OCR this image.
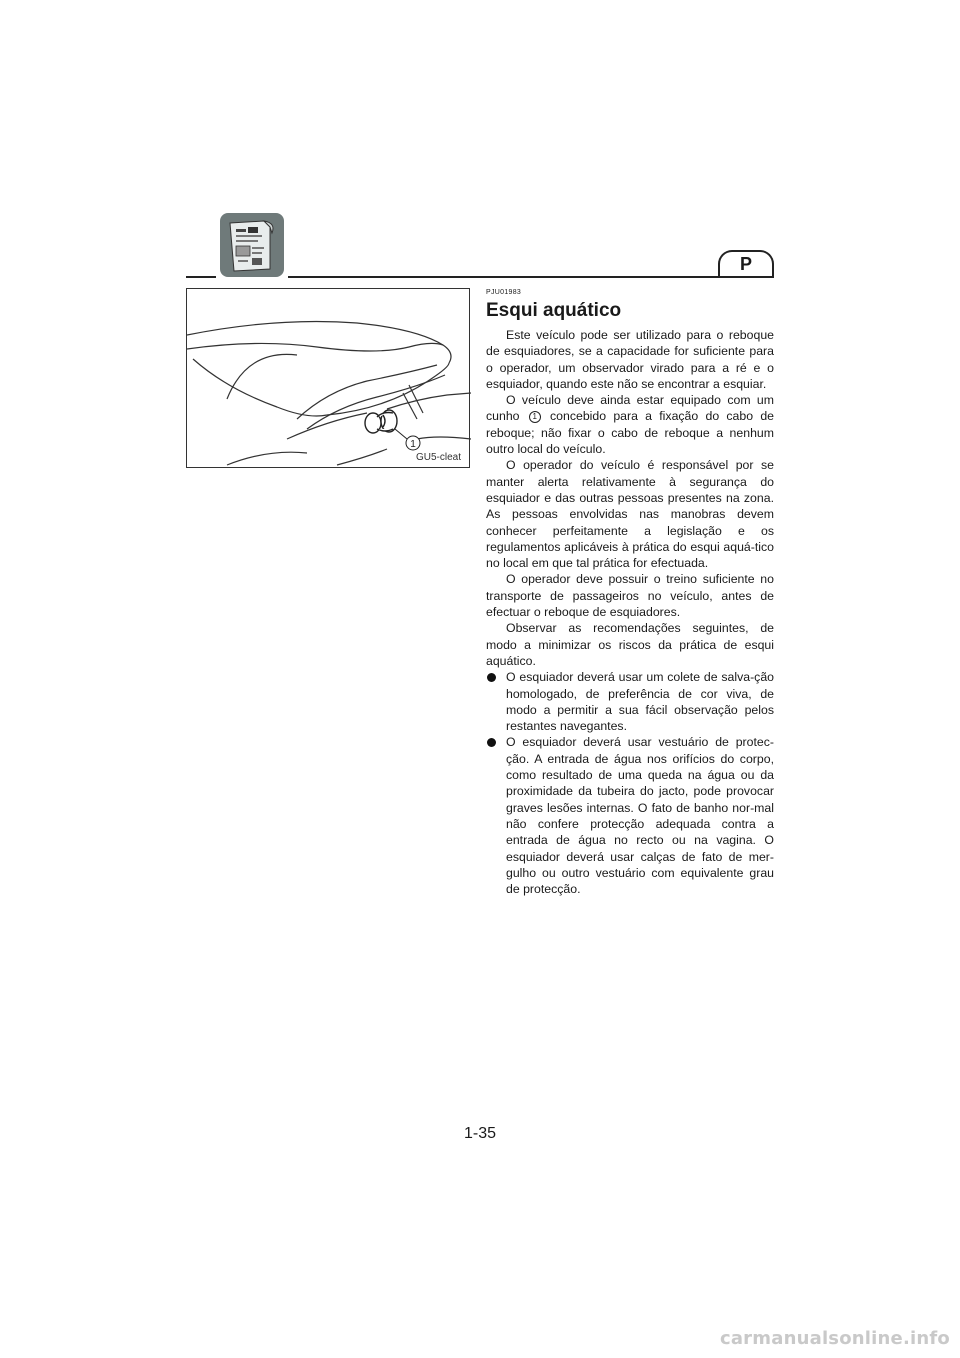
P
1
GU5-cleat

PJU01983

Esqui aquático

Este veículo pode ser utilizado para o reboque de esquiadores, se a capacidade for suficiente para o operador, um observador virado para a ré e o esquiador, quando este não se encontrar a esquiar.

O veículo deve ainda estar equipado com um cunho 1 concebido para a fixação do cabo de reboque; não fixar o cabo de reboque a nenhum outro local do veículo.

O operador do veículo é responsável por se manter alerta relativamente à segurança do esquiador e das outras pessoas presentes na zona. As pessoas envolvidas nas manobras devem conhecer perfeitamente a legislação e os regulamentos aplicáveis à prática do esqui aquá-tico no local em que tal prática for efectuada.

O operador deve possuir o treino suficiente no transporte de passageiros no veículo, antes de efectuar o reboque de esquiadores.

Observar as recomendações seguintes, de modo a minimizar os riscos da prática de esqui aquático.

O esquiador deverá usar um colete de salva-ção homologado, de preferência de cor viva, de modo a permitir a sua fácil observação pelos restantes navegantes.

O esquiador deverá usar vestuário de protec-ção. A entrada de água nos orifícios do corpo, como resultado de uma queda na água ou da proximidade da tubeira do jacto, pode provocar graves lesões internas. O fato de banho nor-mal não confere protecção adequada contra a entrada de água no recto ou na vagina. O esquiador deverá usar calças de fato de mer-gulho ou outro vestuário com equivalente grau de protecção.

1-35
carmanualsonline.info
